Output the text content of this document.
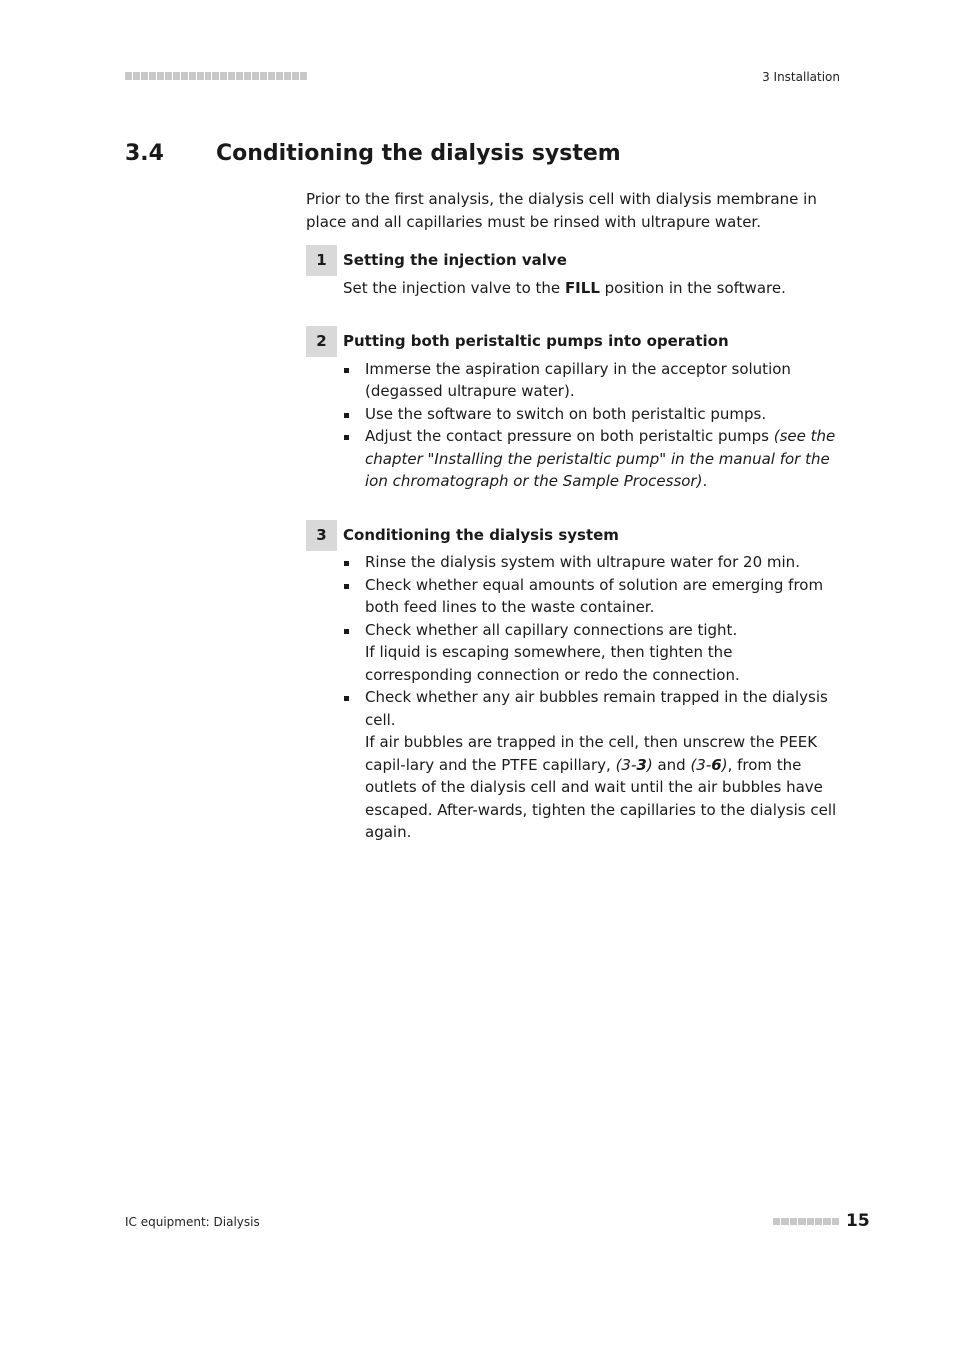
3 Installation
3.4 Conditioning the dialysis system

Prior to the first analysis, the dialysis cell with dialysis membrane in place and all capillaries must be rinsed with ultrapure water.

1	Setting the injection valve
Set the injection valve to the FILL position in the software.
2	Putting both peristaltic pumps into operation
Immerse the aspiration capillary in the acceptor solution (degassed ultrapure water).
Use the software to switch on both peristaltic pumps.
Adjust the contact pressure on both peristaltic pumps (see the chapter "Installing the peristaltic pump" in the manual for the ion chromatograph or the Sample Processor).
3	Conditioning the dialysis system
Rinse the dialysis system with ultrapure water for 20 min.
Check whether equal amounts of solution are emerging from both feed lines to the waste container.
Check whether all capillary connections are tight.
If liquid is escaping somewhere, then tighten the corresponding connection or redo the connection.
Check whether any air bubbles remain trapped in the dialysis cell.
If air bubbles are trapped in the cell, then unscrew the PEEK capil-lary and the PTFE capillary, (3-3) and (3-6), from the outlets of the dialysis cell and wait until the air bubbles have escaped. After-wards, tighten the capillaries to the dialysis cell again.
IC equipment: Dialysis	15
